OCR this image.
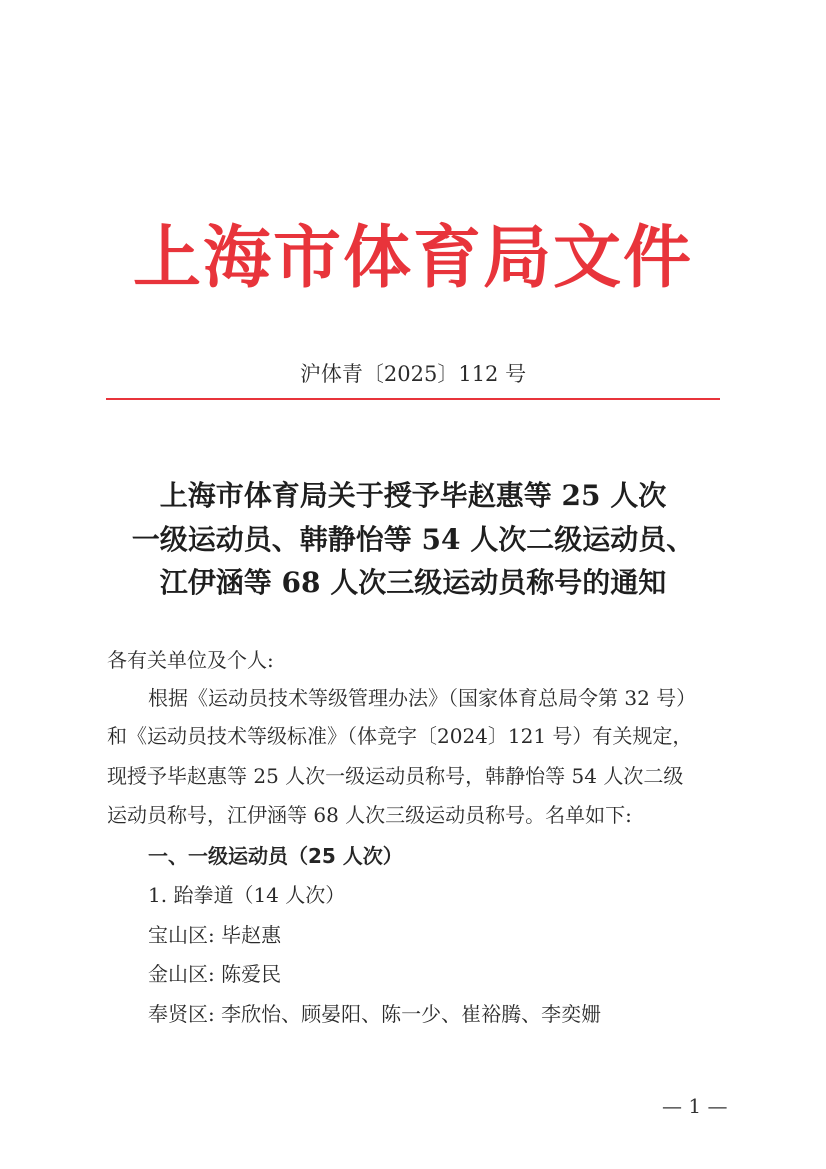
上海市体育局文件
沪体青〔2025〕112 号
上海市体育局关于授予毕赵惠等 25 人次
一级运动员、韩静怡等 54 人次二级运动员、
江伊涵等 68 人次三级运动员称号的通知
各有关单位及个人:
根据《运动员技术等级管理办法》（国家体育总局令第 32 号）
和《运动员技术等级标准》（体竞字〔2024〕121 号）有关规定，
现授予毕赵惠等 25 人次一级运动员称号，韩静怡等 54 人次二级
运动员称号，江伊涵等 68 人次三级运动员称号。名单如下:
一、一级运动员（25 人次）
1. 跆拳道（14 人次）
宝山区: 毕赵惠
金山区: 陈爱民
奉贤区: 李欣怡、顾晏阳、陈一少、崔裕腾、李奕姗
— 1 —
